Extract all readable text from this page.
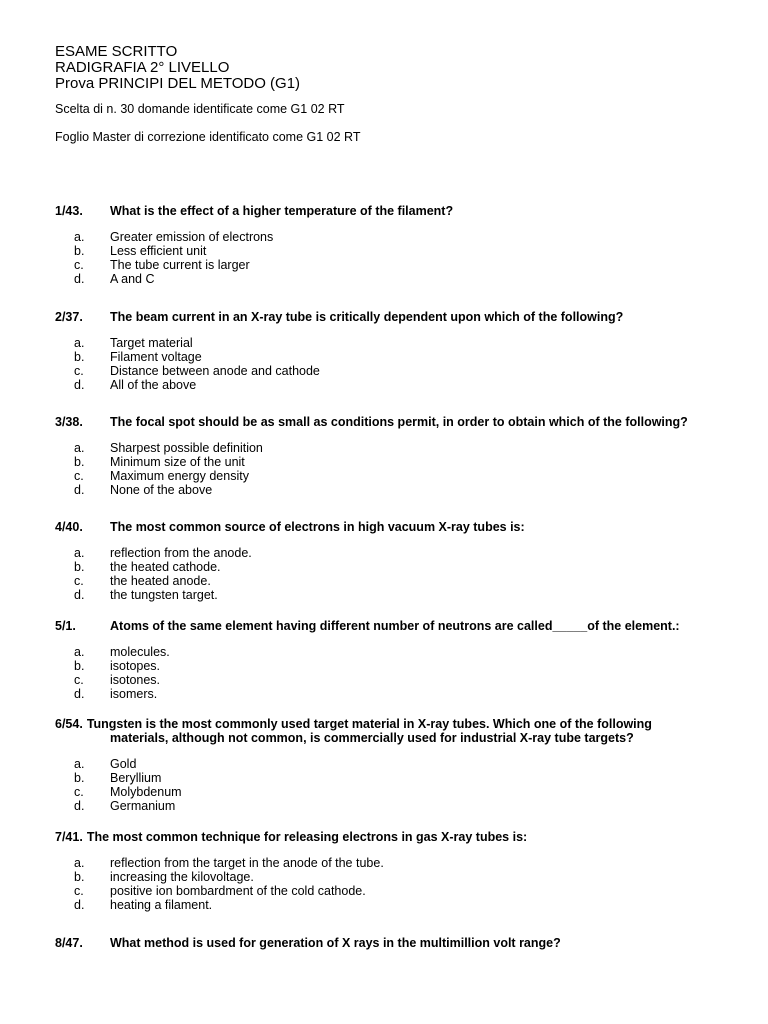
ESAME SCRITTO
RADIGRAFIA 2° LIVELLO
Prova PRINCIPI DEL METODO (G1)
Scelta di n. 30 domande identificate come G1 02 RT
Foglio Master di correzione identificato come G1 02 RT
1/43.	What is the effect of a higher temperature of the filament?
a.	Greater emission of electrons
b.	Less efficient unit
c.	The tube current is larger
d.	A and C
2/37.	The beam current in an X-ray tube is critically dependent upon which of the following?
a.	Target material
b.	Filament voltage
c.	Distance between anode and cathode
d.	All of the above
3/38.	The focal spot should be as small as conditions permit, in order to obtain which of the following?
a.	Sharpest possible definition
b.	Minimum size of the unit
c.	Maximum energy density
d.	None of the above
4/40.	The most common source of electrons in high vacuum X-ray tubes is:
a.	reflection from the anode.
b.	the heated cathode.
c.	the heated anode.
d.	the tungsten target.
5/1.	Atoms of the same element having different number of neutrons are called_____of the element.:
a.	molecules.
b.	isotopes.
c.	isotones.
d.	isomers.
6/54. Tungsten is the most commonly used target material in X-ray tubes. Which one of the following
materials, although not common, is commercially used for industrial X-ray tube targets?
a.	Gold
b.	Beryllium
c.	Molybdenum
d.	Germanium
7/41. The most common technique for releasing electrons in gas X-ray tubes is:
a.	reflection from the target in the anode of the tube.
b.	increasing the kilovoltage.
c.	positive ion bombardment of the cold cathode.
d.	heating a filament.
8/47.	What method is used for generation of X rays in the multimillion volt range?
